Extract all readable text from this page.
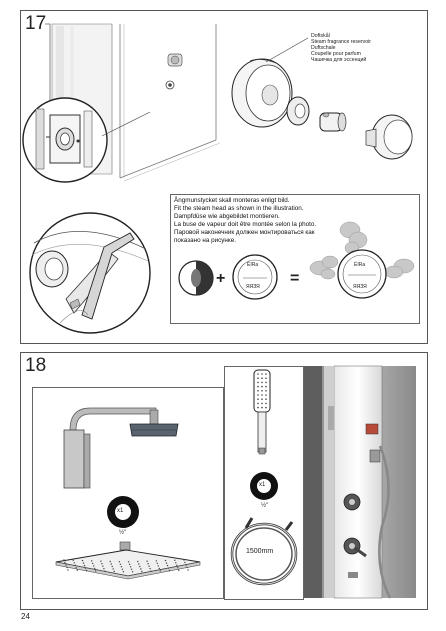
17
Doftskål
Steam fragrance reservoir
Duftschale
Coupelle pour parfum
Чашечка для эссенций
Ångmunstycket skall monteras enligt bild.
Fit the steam head as shown in the illustration.
Dampfdüse wie abgebildet montieren.
La buse de vapeur doit être montée selon la photo.
Паровой наконечник должен монтироваться как
показано на рисунке.
+
ÉIRa
ЯЯЗЯ =
ÉIRa
ЯЯЗЯ
18
x1
½"
x1
½"
1500mm
24
